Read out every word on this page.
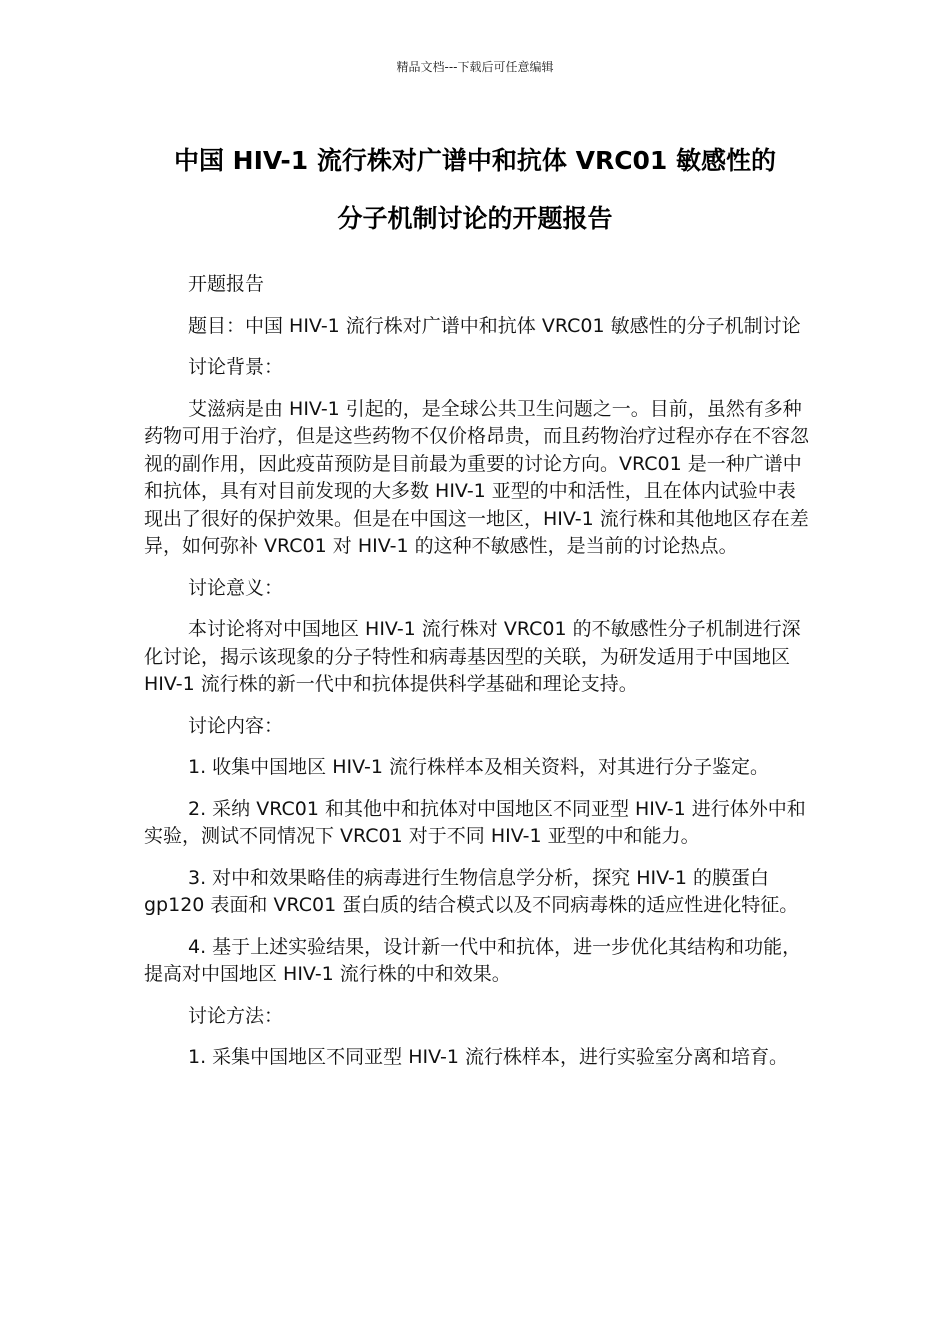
精品文档---下载后可任意编辑
中国 HIV-1 流行株对广谱中和抗体 VRC01 敏感性的
分子机制讨论的开题报告

开题报告

题目：中国 HIV-1 流行株对广谱中和抗体 VRC01 敏感性的分子机制讨论

讨论背景：

艾滋病是由 HIV-1 引起的，是全球公共卫生问题之一。目前，虽然有多种药物可用于治疗，但是这些药物不仅价格昂贵，而且药物治疗过程亦存在不容忽视的副作用，因此疫苗预防是目前最为重要的讨论方向。VRC01 是一种广谱中和抗体，具有对目前发现的大多数 HIV-1 亚型的中和活性，且在体内试验中表现出了很好的保护效果。但是在中国这一地区，HIV-1 流行株和其他地区存在差异，如何弥补 VRC01 对 HIV-1 的这种不敏感性，是当前的讨论热点。

讨论意义：

本讨论将对中国地区 HIV-1 流行株对 VRC01 的不敏感性分子机制进行深化讨论，揭示该现象的分子特性和病毒基因型的关联，为研发适用于中国地区 HIV-1 流行株的新一代中和抗体提供科学基础和理论支持。

讨论内容：

1. 收集中国地区 HIV-1 流行株样本及相关资料，对其进行分子鉴定。

2. 采纳 VRC01 和其他中和抗体对中国地区不同亚型 HIV-1 进行体外中和实验，测试不同情况下 VRC01 对于不同 HIV-1 亚型的中和能力。

3. 对中和效果略佳的病毒进行生物信息学分析，探究 HIV-1 的膜蛋白 gp120 表面和 VRC01 蛋白质的结合模式以及不同病毒株的适应性进化特征。

4. 基于上述实验结果，设计新一代中和抗体，进一步优化其结构和功能，提高对中国地区 HIV-1 流行株的中和效果。

讨论方法：

1. 采集中国地区不同亚型 HIV-1 流行株样本，进行实验室分离和培育。
